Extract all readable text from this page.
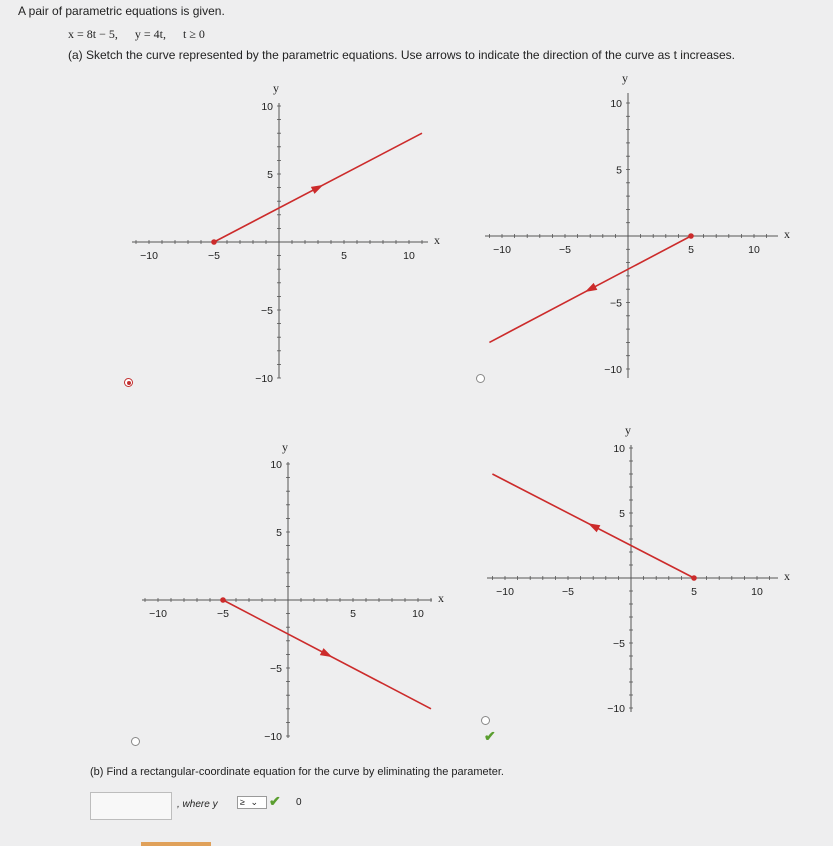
A pair of parametric equations is given.
x = 8t − 5, y = 4t, t ≥ 0
(a) Sketch the curve represented by the parametric equations. Use arrows to indicate the direction of the curve as t increases.
−10	−5	5	10
10
5
−5
−10
x
y
−10	−5	5	10
10
5
−5
−10
x
y
−10	−5	5	10
10
5
−5
−10
x
y
−10	−5	5	10
10
5
−5
−10
x
y
✔
(b) Find a rectangular-coordinate equation for the curve by eliminating the parameter.
, where y	≥ ⌄ ✔ 0
